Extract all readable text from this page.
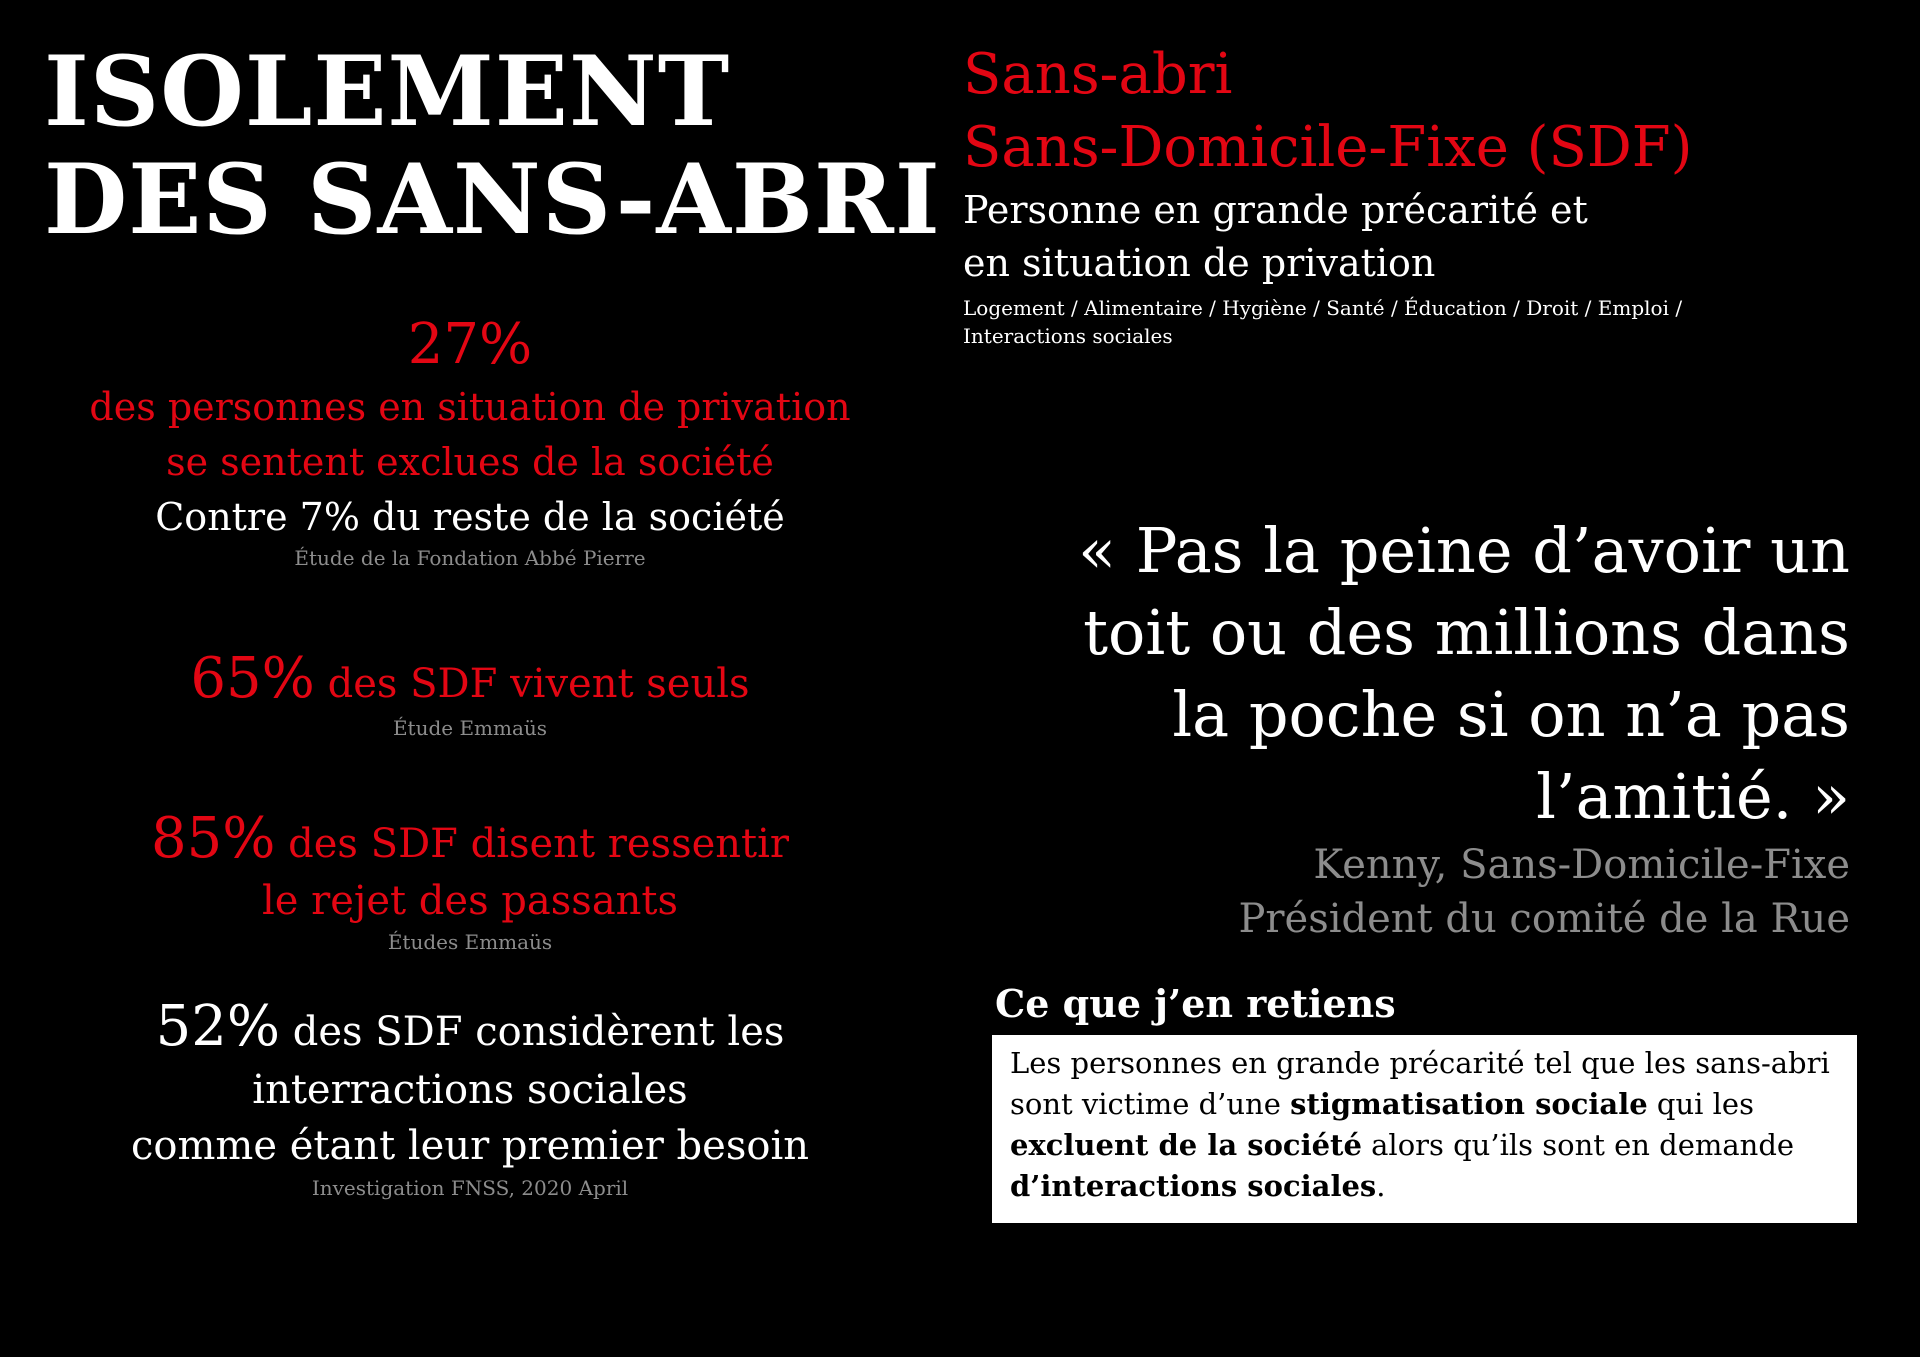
ISOLEMENT
DES SANS-ABRI
27%
des personnes en situation de privation
se sentent exclues de la société
Contre 7% du reste de la société
Étude de la Fondation Abbé Pierre
65% des SDF vivent seuls
Étude Emmaüs
85% des SDF disent ressentir
le rejet des passants
Études Emmaüs
52% des SDF considèrent les
interractions sociales
comme étant leur premier besoin
Investigation FNSS, 2020 April
Sans-abri
Sans-Domicile-Fixe (SDF)
Personne en grande précarité et
en situation de privation
Logement / Alimentaire / Hygiène / Santé / Éducation / Droit / Emploi /
Interactions sociales
« Pas la peine d’avoir un
toit ou des millions dans
la poche si on n’a pas
l’amitié. »
Kenny, Sans-Domicile-Fixe
Président du comité de la Rue
Ce que j’en retiens
Les personnes en grande précarité tel que les sans-abri sont victime d’une stigmatisation sociale qui les excluent de la société alors qu’ils sont en demande d’interactions sociales.
